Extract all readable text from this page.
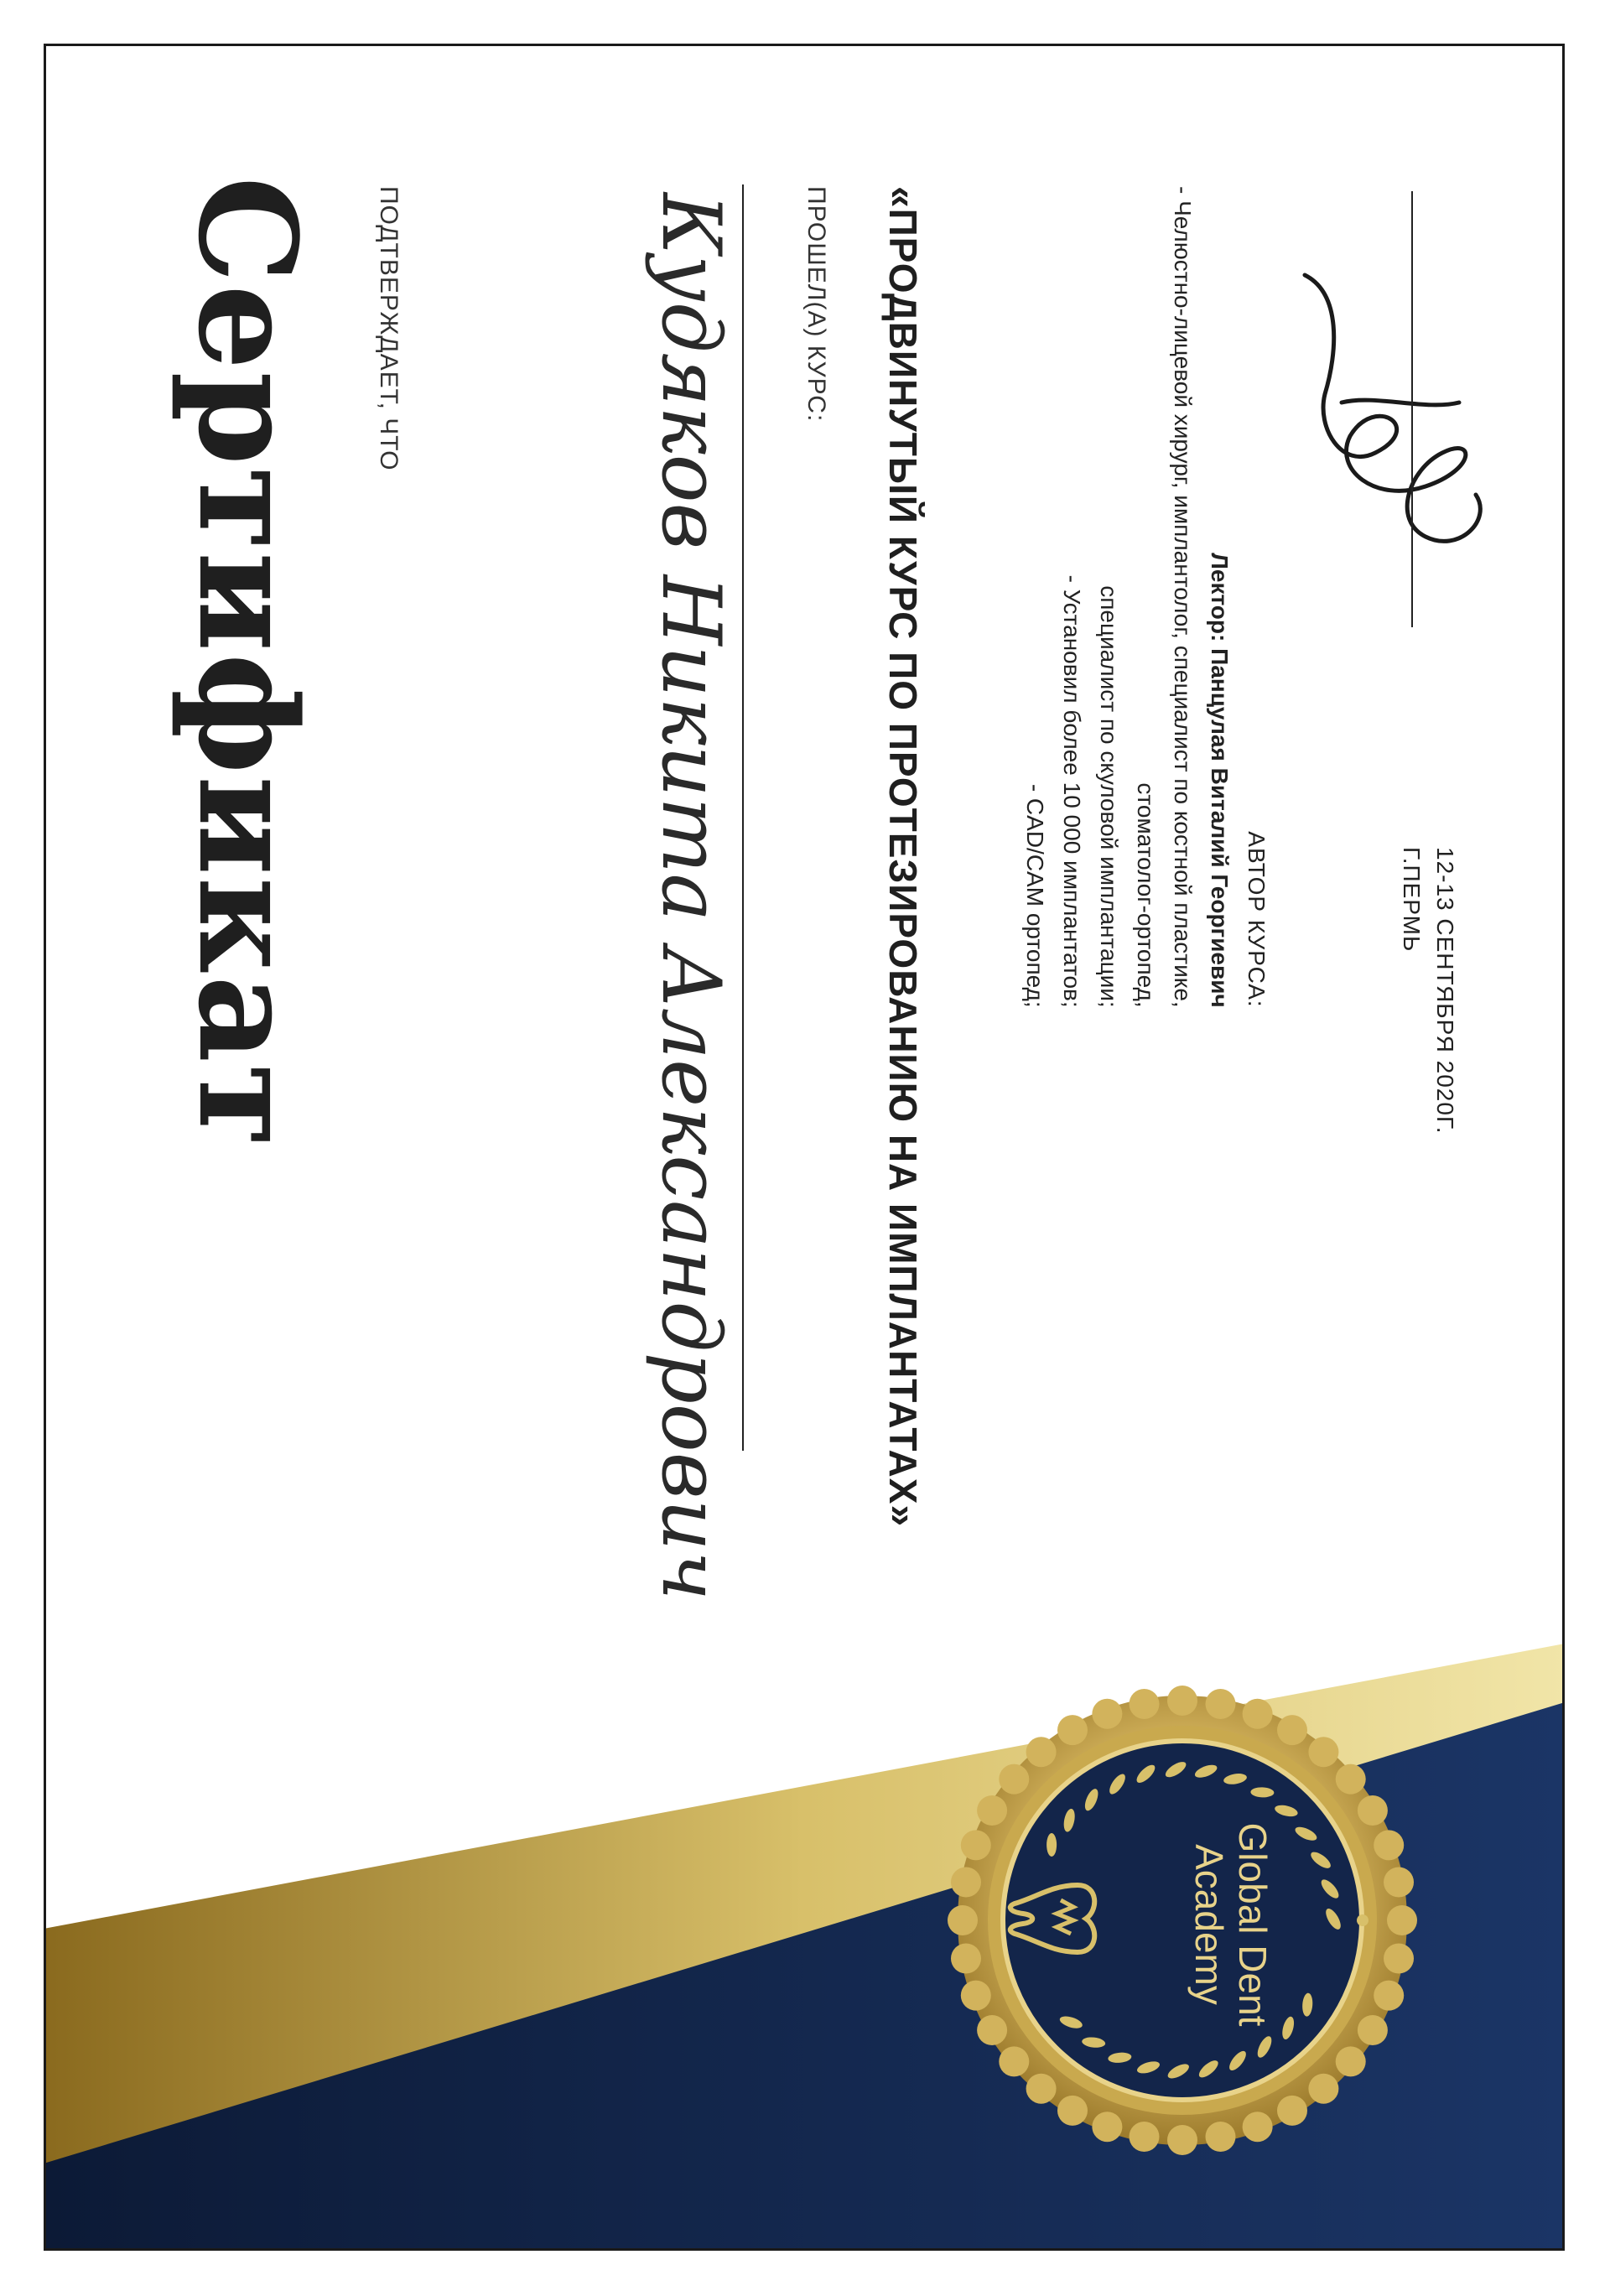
Сертификат ПОДТВЕРЖДАЕТ, ЧТО	Кудяков Никита Александрович	ПРОШЕЛ(А) КУРС: «ПРОДВИНУТЫЙ КУРС ПО ПРОТЕЗИРОВАНИЮ НА ИМПЛАНТАТАХ»	АВТОР КУРСА:
Лектор: Панцулая Виталий Георгиевич
- Челюстно-лицевой хирург, имплантолог, специалист по костной пластике,
стоматолог-ортопед,
специалист по скуловой имплантации;
- Установил более 10 000 имплантатов;
- CAD/CAM ортопед;	12-13 СЕНТЯБРЯ 2020Г.
Г.ПЕРМЬ
Global Dent
Academy
